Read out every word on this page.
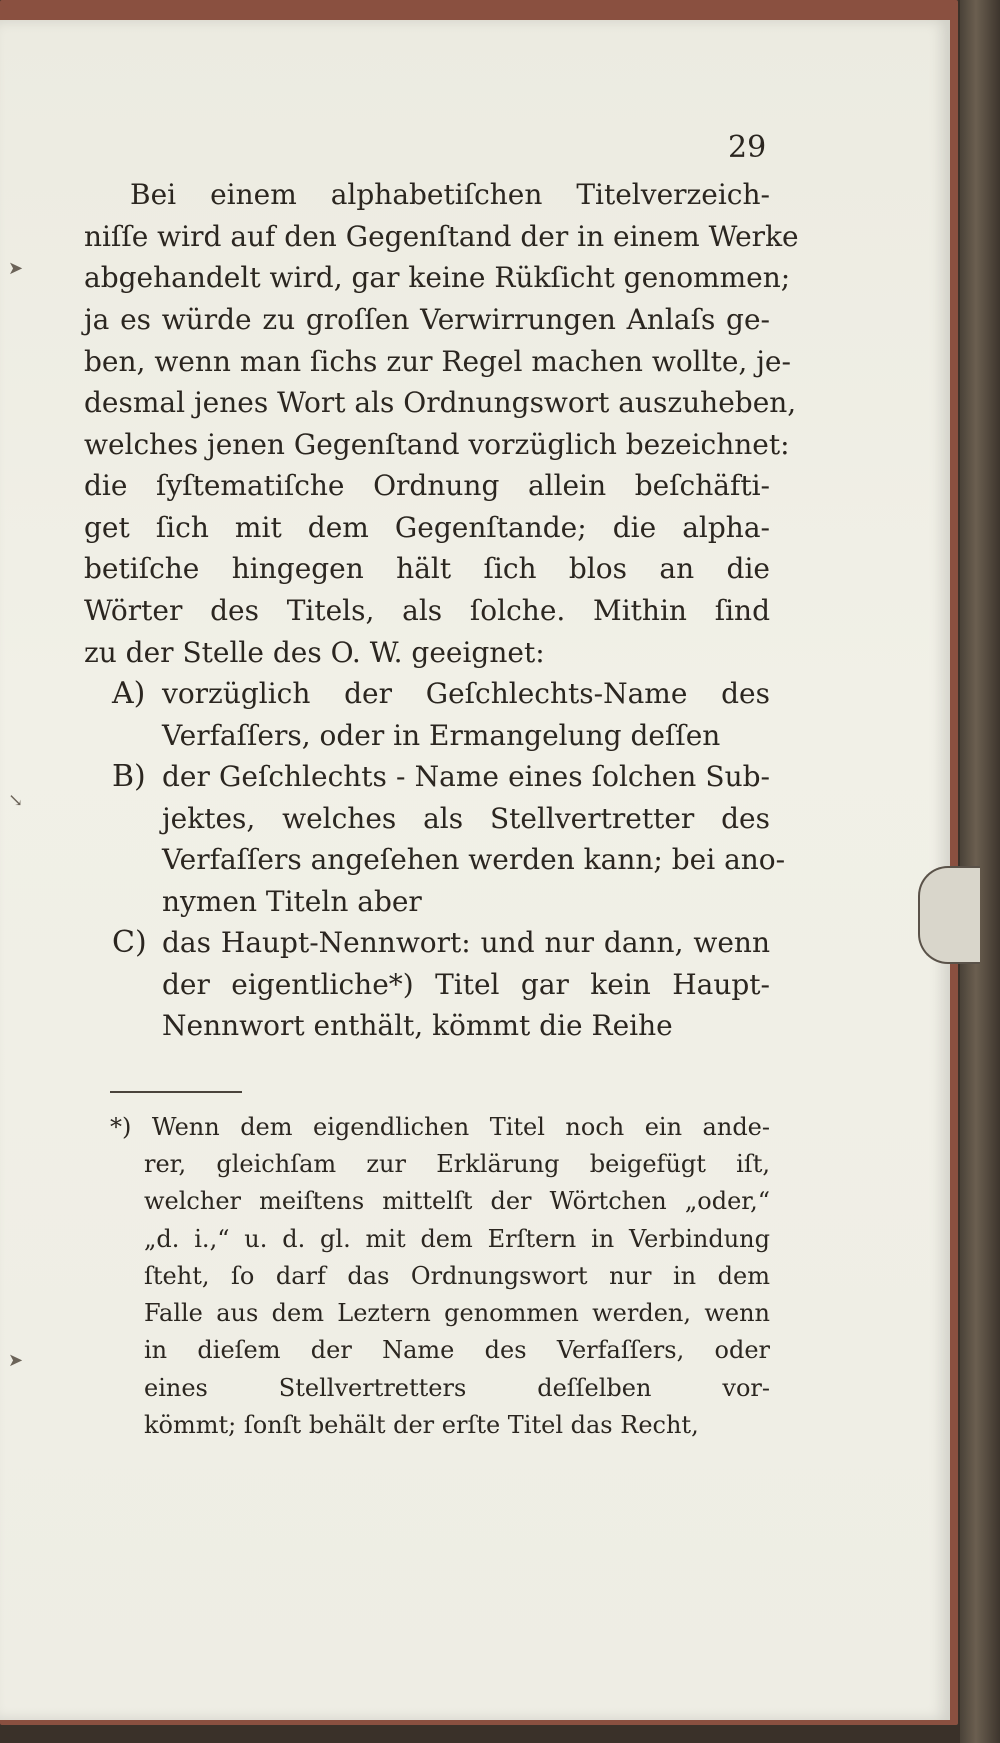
29
➤
↘
➤
Bei einem alphabetiſchen Titelverzeich-
niſſe wird auf den Gegenſtand der in einem Werke
abgehandelt wird, gar keine Rükſicht genommen;
ja es würde zu groſſen Verwirrungen Anlaſs ge-
ben, wenn man ſichs zur Regel machen wollte, je-
desmal jenes Wort als Ordnungswort auszuheben,
welches jenen Gegenſtand vorzüglich bezeichnet:
die ſyſtematiſche Ordnung allein beſchäfti-
get ſich mit dem Gegenſtande; die alpha-
betiſche hingegen hält ſich blos an die
Wörter des Titels, als ſolche. Mithin ſind
zu der Stelle des O. W. geeignet:
A) vorzüglich der Geſchlechts-Name des
Verfaſſers, oder in Ermangelung deſſen
B) der Geſchlechts - Name eines ſolchen Sub-
jektes, welches als Stellvertretter des
Verfaſſers angeſehen werden kann; bei ano-
nymen Titeln aber
C) das Haupt-Nennwort: und nur dann, wenn
der eigentliche*) Titel gar kein Haupt-
Nennwort enthält, kömmt die Reihe
*) Wenn dem eigendlichen Titel noch ein ande-
rer, gleichſam zur Erklärung beigefügt iſt,
welcher meiſtens mittelſt der Wörtchen „oder,“
„d. i.,“ u. d. gl. mit dem Erſtern in Verbindung
ſteht, ſo darf das Ordnungswort nur in dem
Falle aus dem Leztern genommen werden, wenn
in dieſem der Name des Verfaſſers, oder
eines Stellvertretters deſſelben vor-
kömmt; ſonſt behält der erſte Titel das Recht,
